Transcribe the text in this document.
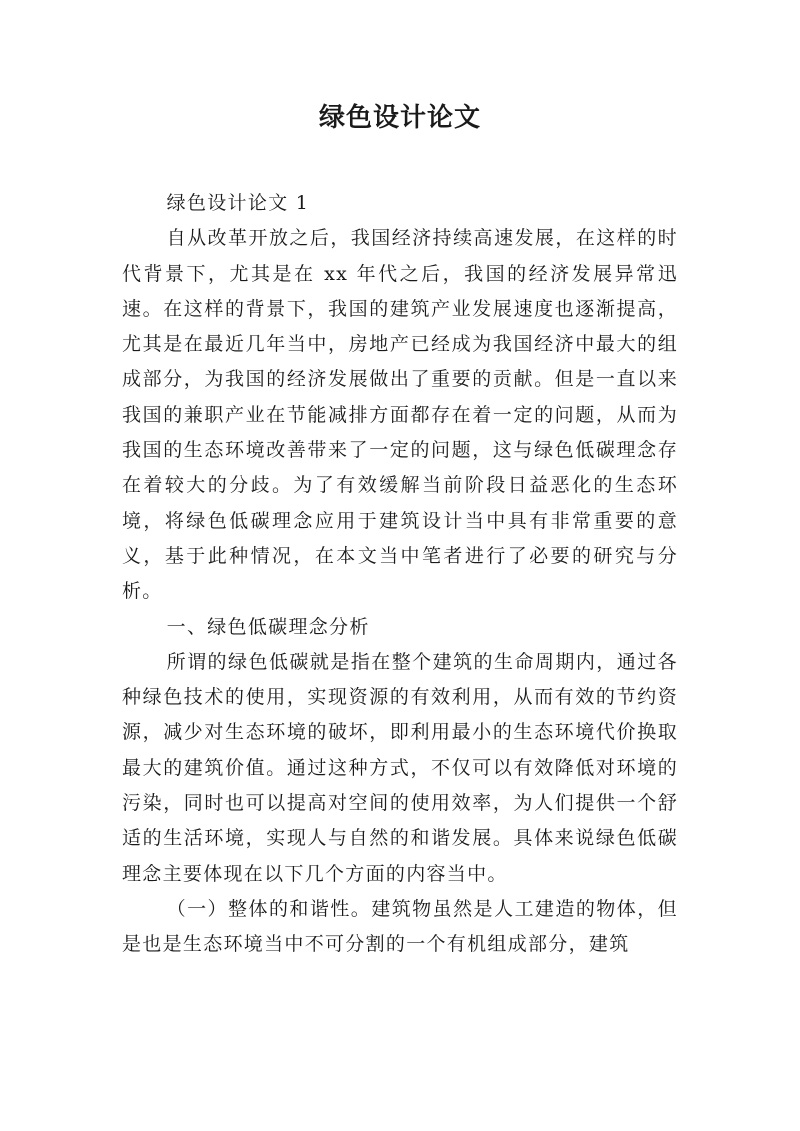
绿色设计论文

绿色设计论文 1

自从改革开放之后，我国经济持续高速发展，在这样的时代背景下，尤其是在 xx 年代之后，我国的经济发展异常迅速。在这样的背景下，我国的建筑产业发展速度也逐渐提高，尤其是在最近几年当中，房地产已经成为我国经济中最大的组成部分，为我国的经济发展做出了重要的贡献。但是一直以来我国的兼职产业在节能减排方面都存在着一定的问题，从而为我国的生态环境改善带来了一定的问题，这与绿色低碳理念存在着较大的分歧。为了有效缓解当前阶段日益恶化的生态环境，将绿色低碳理念应用于建筑设计当中具有非常重要的意义，基于此种情况，在本文当中笔者进行了必要的研究与分析。

一、绿色低碳理念分析

所谓的绿色低碳就是指在整个建筑的生命周期内，通过各种绿色技术的使用，实现资源的有效利用，从而有效的节约资源，减少对生态环境的破坏，即利用最小的生态环境代价换取最大的建筑价值。通过这种方式，不仅可以有效降低对环境的污染，同时也可以提高对空间的使用效率，为人们提供一个舒适的生活环境，实现人与自然的和谐发展。具体来说绿色低碳理念主要体现在以下几个方面的内容当中。

（一）整体的和谐性。建筑物虽然是人工建造的物体，但是也是生态环境当中不可分割的一个有机组成部分，建筑
